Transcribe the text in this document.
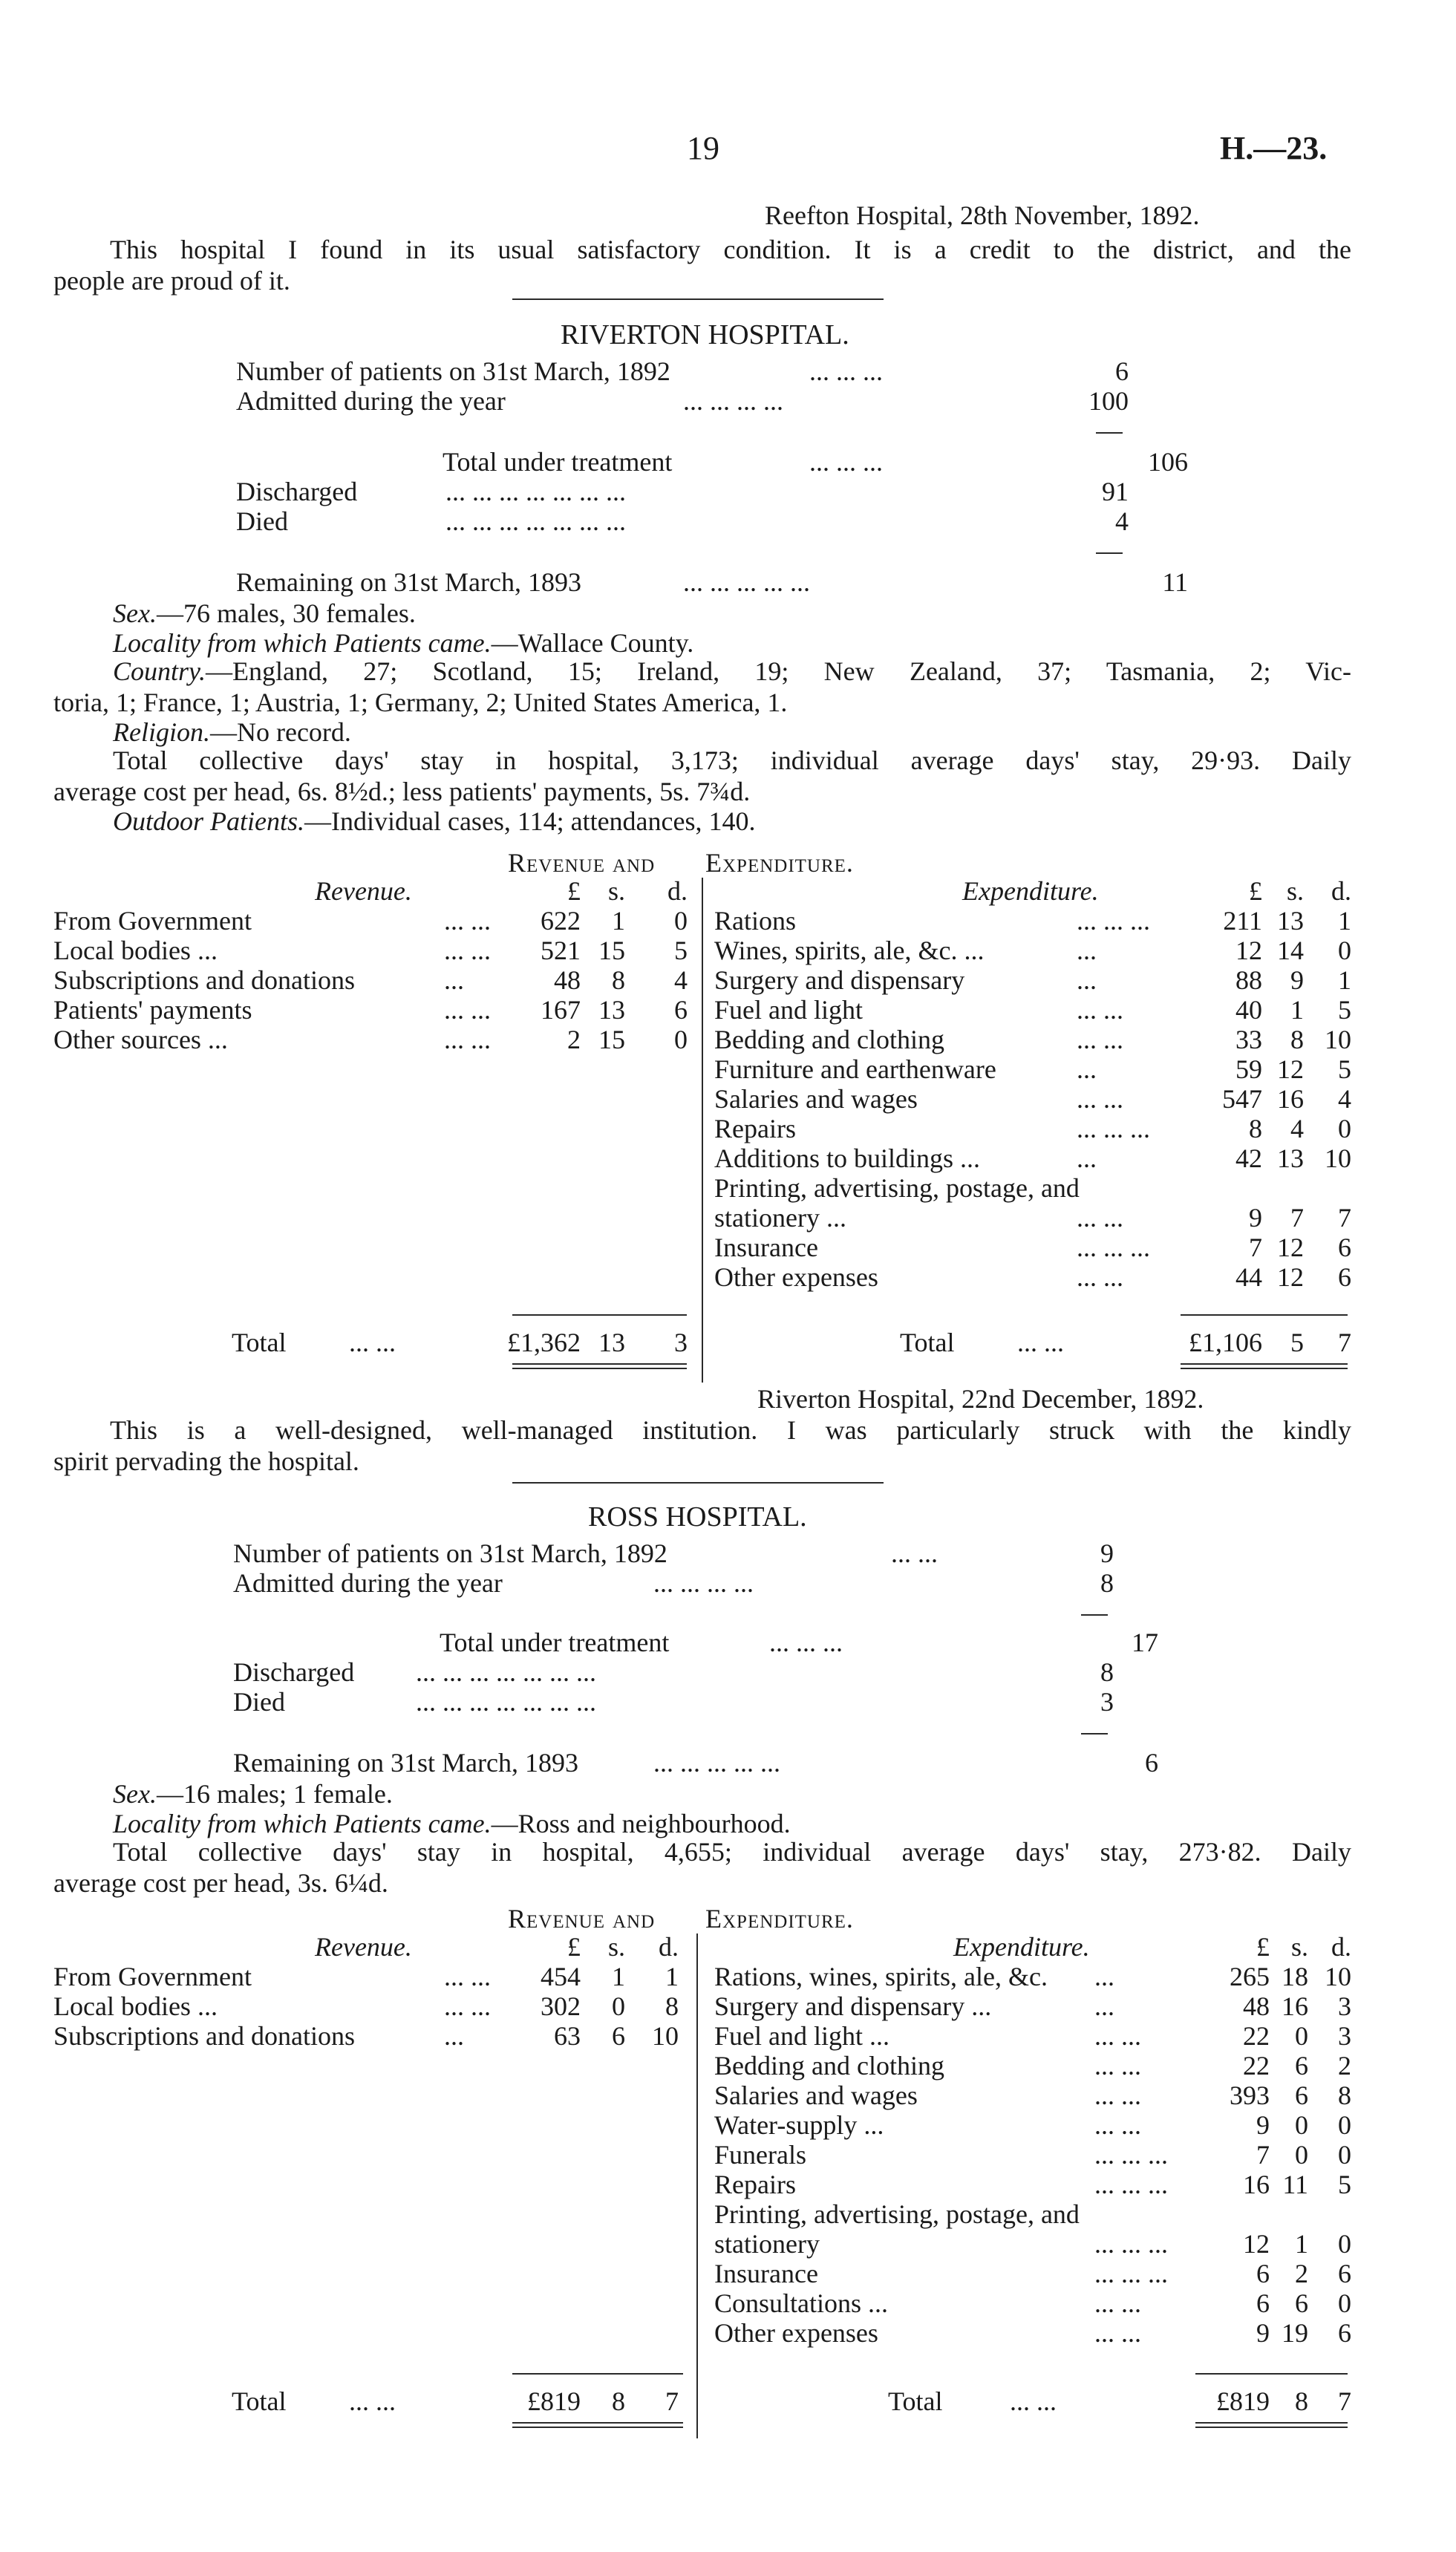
19	H.—23.
Reefton Hospital, 28th November, 1892.
This hospital I found in its usual satisfactory condition. It is a credit to the district, and the
people are proud of it.
RIVERTON HOSPITAL.
Number of patients on 31st March, 1892	... ... ...	6
Admitted during the year	... ... ... ...	100
Total under treatment	... ... ...	106
Discharged	... ... ... ... ... ... ...	91
Died	... ... ... ... ... ... ...	4
Remaining on 31st March, 1893	... ... ... ... ...	11
Sex.—76 males, 30 females.
Locality from which Patients came.—Wallace County.
Country.—England, 27; Scotland, 15; Ireland, 19; New Zealand, 37; Tasmania, 2; Vic-
toria, 1; France, 1; Austria, 1; Germany, 2; United States America, 1.
Religion.—No record.
Total collective days' stay in hospital, 3,173; individual average days' stay, 29·93. Daily
average cost per head, 6s. 8½d.; less patients' payments, 5s. 7¾d.
Outdoor Patients.—Individual cases, 114; attendances, 140.
Revenue and Expenditure.
Revenue.	Expenditure.
£	s.	d.	£ s.	d.
From Government	... ...	622	1	0
Local bodies ...	... ...	521 15	5
Subscriptions and donations	...	48	8	4
Patients' payments	... ...	167 13	6
Other sources ...	... ...	2 15	0
Rations	... ... ...	211 13	1
Wines, spirits, ale, &c. ...	...	12 14	0
Surgery and dispensary	...	88	9	1
Fuel and light	... ...	40	1	5
Bedding and clothing	... ...	33	8 10
Furniture and earthenware	...	59 12	5
Salaries and wages	... ...	547 16	4
Repairs	... ... ...	8	4	0
Additions to buildings ...	...	42 13 10
Printing, advertising, postage, and
stationery ...	... ...	9	7	7
Insurance	... ... ...	7 12	6
Other expenses	... ...	44 12	6
Total ... ...	£1,362 13	3	Total ... ...	£1,106	5	7
Riverton Hospital, 22nd December, 1892.
This is a well-designed, well-managed institution. I was particularly struck with the kindly
spirit pervading the hospital.
ROSS HOSPITAL.
Number of patients on 31st March, 1892	... ...	9
Admitted during the year	... ... ... ...	8
Total under treatment	... ... ...	17
Discharged ... ... ... ... ... ... ...	8
Died	... ... ... ... ... ... ...	3
Remaining on 31st March, 1893	... ... ... ... ...	6
Sex.—16 males; 1 female.
Locality from which Patients came.—Ross and neighbourhood.
Total collective days' stay in hospital, 4,655; individual average days' stay, 273·82. Daily
average cost per head, 3s. 6¼d.
Revenue and Expenditure.
Revenue.	Expenditure.
£	s.	d.	£ s. d.
From Government	... ...	454	1	1
Local bodies ...	... ...	302	0	8
Subscriptions and donations	...	63	6	10
Rations, wines, spirits, ale, &c. ...	265 18 10
Surgery and dispensary ...	...	48 16	3
Fuel and light ...	... ...	22 0	3
Bedding and clothing	... ...	22 6	2
Salaries and wages	... ...	393 6	8
Water-supply ...	... ...	9 0	0
Funerals	... ... ...	7 0	0
Repairs	... ... ...	16 11	5
Printing, advertising, postage, and
stationery	... ... ...	12 1	0
Insurance	... ... ...	6 2	6
Consultations ...	... ...	6 6	0
Other expenses	... ...	9 19	6
Total ... ...	£819	8	7	Total	... ...	£819 8	7
